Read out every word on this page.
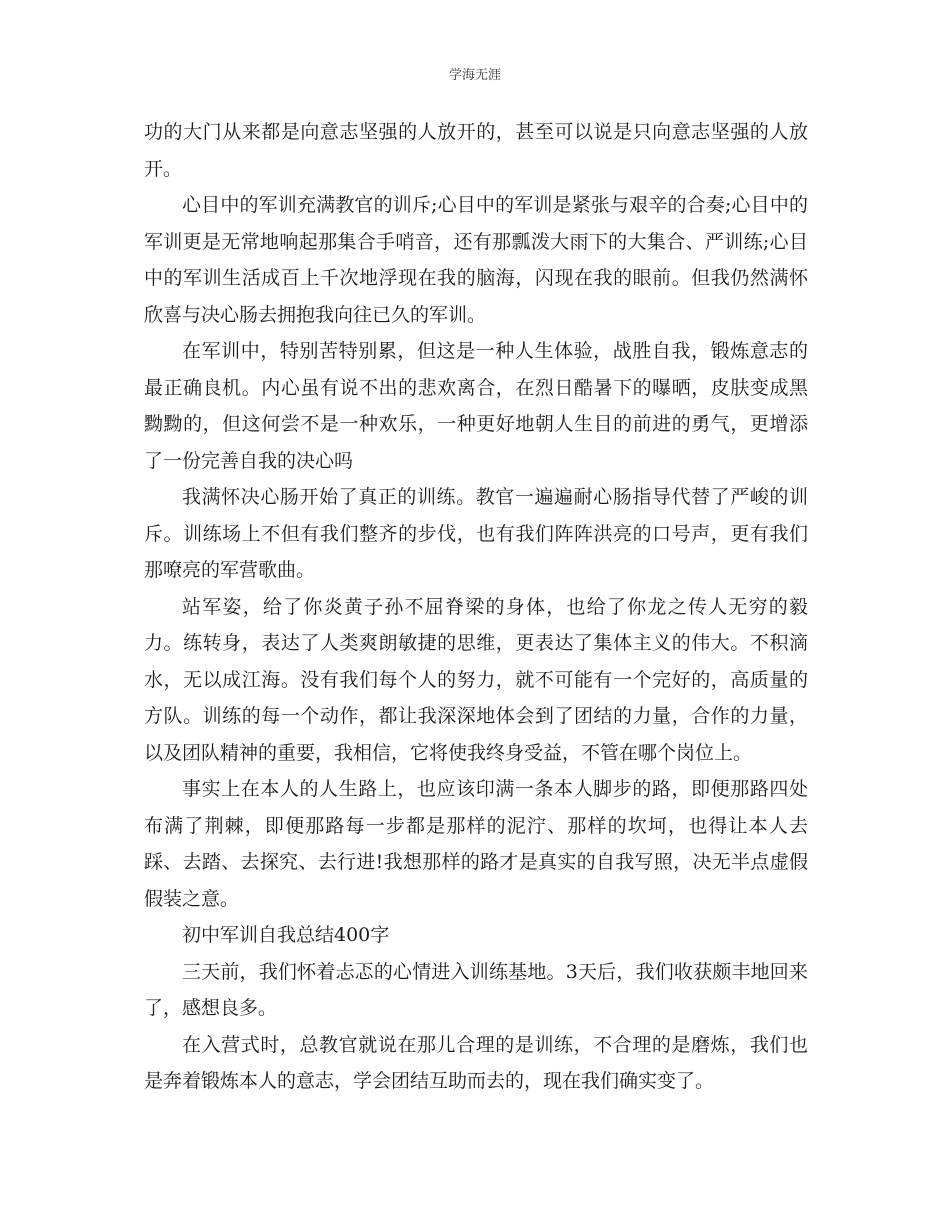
学海无涯

功的大门从来都是向意志坚强的人放开的，甚至可以说是只向意志坚强的人放开。

心目中的军训充满教官的训斥;心目中的军训是紧张与艰辛的合奏;心目中的军训更是无常地响起那集合手哨音，还有那瓢泼大雨下的大集合、严训练;心目中的军训生活成百上千次地浮现在我的脑海，闪现在我的眼前。但我仍然满怀欣喜与决心肠去拥抱我向往已久的军训。

在军训中，特别苦特别累，但这是一种人生体验，战胜自我，锻炼意志的最正确良机。内心虽有说不出的悲欢离合，在烈日酷暑下的曝晒，皮肤变成黑黝黝的，但这何尝不是一种欢乐，一种更好地朝人生目的前进的勇气，更增添了一份完善自我的决心吗

我满怀决心肠开始了真正的训练。教官一遍遍耐心肠指导代替了严峻的训斥。训练场上不但有我们整齐的步伐，也有我们阵阵洪亮的口号声，更有我们那嘹亮的军营歌曲。

站军姿，给了你炎黄子孙不屈脊梁的身体，也给了你龙之传人无穷的毅力。练转身，表达了人类爽朗敏捷的思维，更表达了集体主义的伟大。不积滴水，无以成江海。没有我们每个人的努力，就不可能有一个完好的，高质量的方队。训练的每一个动作，都让我深深地体会到了团结的力量，合作的力量，以及团队精神的重要，我相信，它将使我终身受益，不管在哪个岗位上。

事实上在本人的人生路上，也应该印满一条本人脚步的路，即便那路四处布满了荆棘，即便那路每一步都是那样的泥泞、那样的坎坷，也得让本人去踩、去踏、去探究、去行进!我想那样的路才是真实的自我写照，决无半点虚假假装之意。

初中军训自我总结400字

三天前，我们怀着忐忑的心情进入训练基地。3天后，我们收获颇丰地回来了，感想良多。

在入营式时，总教官就说在那儿合理的是训练，不合理的是磨炼，我们也是奔着锻炼本人的意志，学会团结互助而去的，现在我们确实变了。
